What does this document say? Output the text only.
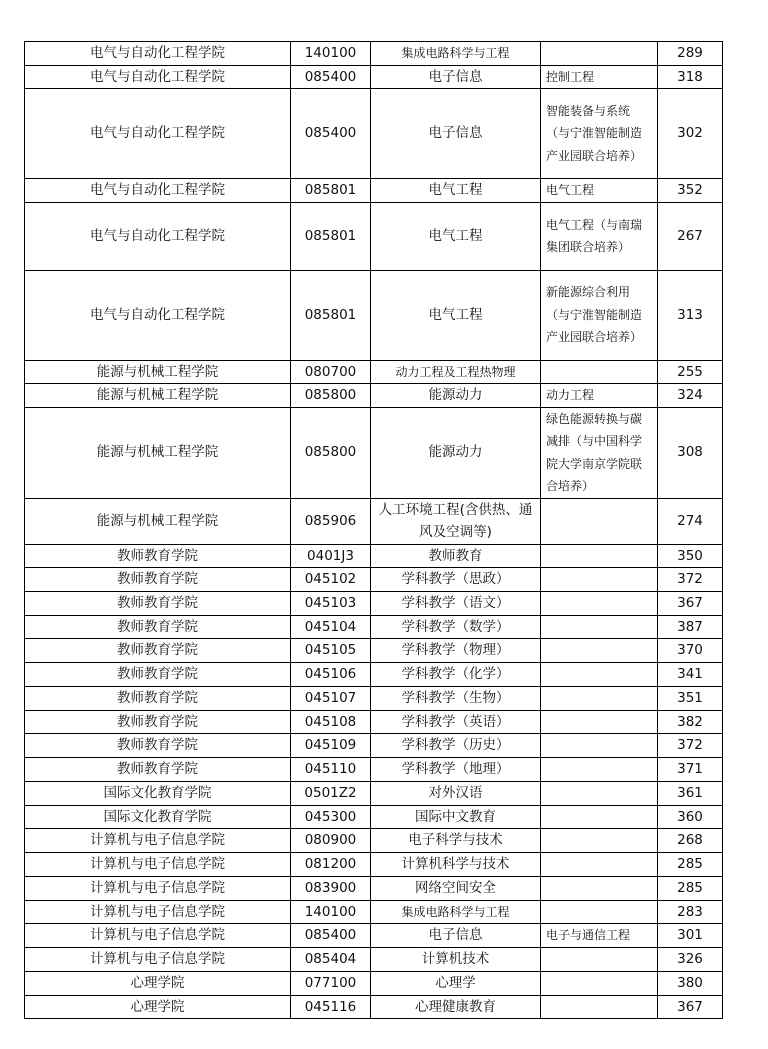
电气与自动化工程学院	140100	集成电路科学与工程		289
电气与自动化工程学院	085400	电子信息	控制工程	318
电气与自动化工程学院	085400	电子信息	智能装备与系统（与宁淮智能制造产业园联合培养）	302
电气与自动化工程学院	085801	电气工程	电气工程	352
电气与自动化工程学院	085801	电气工程	电气工程（与南瑞集团联合培养）	267
电气与自动化工程学院	085801	电气工程	新能源综合利用（与宁淮智能制造产业园联合培养）	313
能源与机械工程学院	080700	动力工程及工程热物理		255
能源与机械工程学院	085800	能源动力	动力工程	324
能源与机械工程学院	085800	能源动力	绿色能源转换与碳减排（与中国科学院大学南京学院联合培养）	308
能源与机械工程学院	085906	人工环境工程(含供热、通风及空调等)		274
教师教育学院	0401J3	教师教育		350
教师教育学院	045102	学科教学（思政）		372
教师教育学院	045103	学科教学（语文）		367
教师教育学院	045104	学科教学（数学）		387
教师教育学院	045105	学科教学（物理）		370
教师教育学院	045106	学科教学（化学）		341
教师教育学院	045107	学科教学（生物）		351
教师教育学院	045108	学科教学（英语）		382
教师教育学院	045109	学科教学（历史）		372
教师教育学院	045110	学科教学（地理）		371
国际文化教育学院	0501Z2	对外汉语		361
国际文化教育学院	045300	国际中文教育		360
计算机与电子信息学院	080900	电子科学与技术		268
计算机与电子信息学院	081200	计算机科学与技术		285
计算机与电子信息学院	083900	网络空间安全		285
计算机与电子信息学院	140100	集成电路科学与工程		283
计算机与电子信息学院	085400	电子信息	电子与通信工程	301
计算机与电子信息学院	085404	计算机技术		326
心理学院	077100	心理学		380
心理学院	045116	心理健康教育		367
